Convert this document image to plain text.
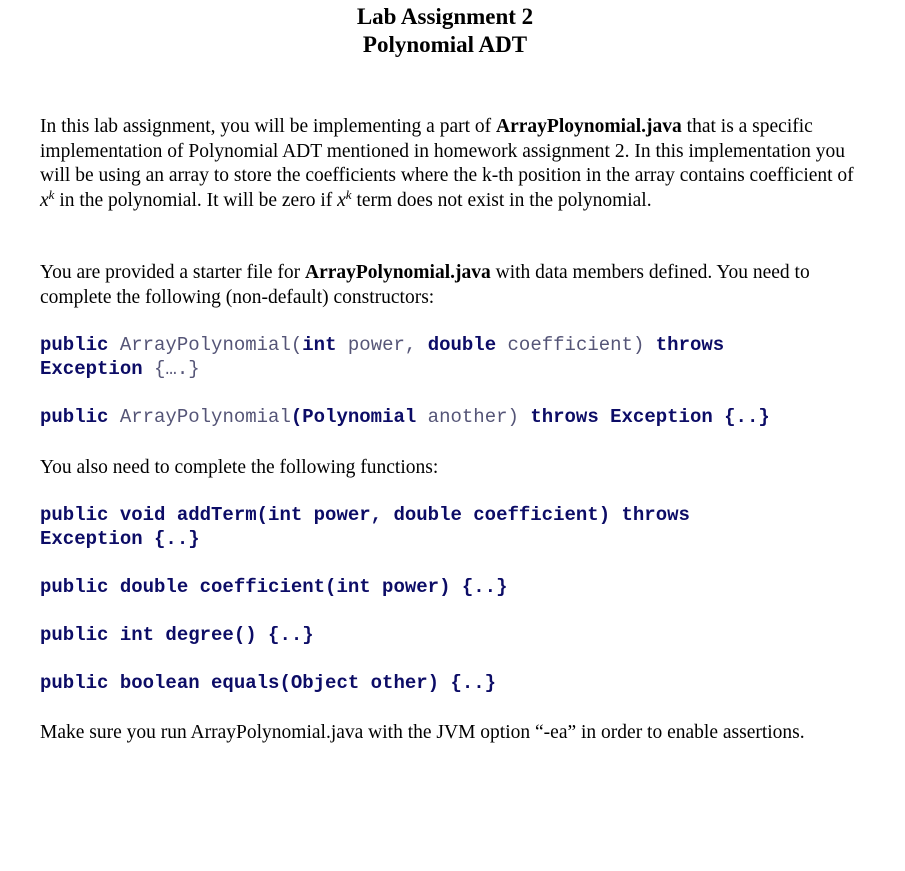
Lab Assignment 2
Polynomial ADT
In this lab assignment, you will be implementing a part of ArrayPloynomial.java that is a specific implementation of Polynomial ADT mentioned in homework assignment 2. In this implementation you will be using an array to store the coefficients where the k-th position in the array contains coefficient of $x^k$ in the polynomial. It will be zero if $x^k$ term does not exist in the polynomial.
You are provided a starter file for ArrayPolynomial.java with data members defined. You need to complete the following (non-default) constructors:
public ArrayPolynomial(int power, double coefficient) throws
Exception {….}
public ArrayPolynomial(Polynomial another) throws Exception {..}
You also need to complete the following functions:
public void addTerm(int power, double coefficient) throws
Exception {..}
public double coefficient(int power) {..}
public int degree() {..}
public boolean equals(Object other) {..}
Make sure you run ArrayPolynomial.java with the JVM option “-ea” in order to enable assertions.
